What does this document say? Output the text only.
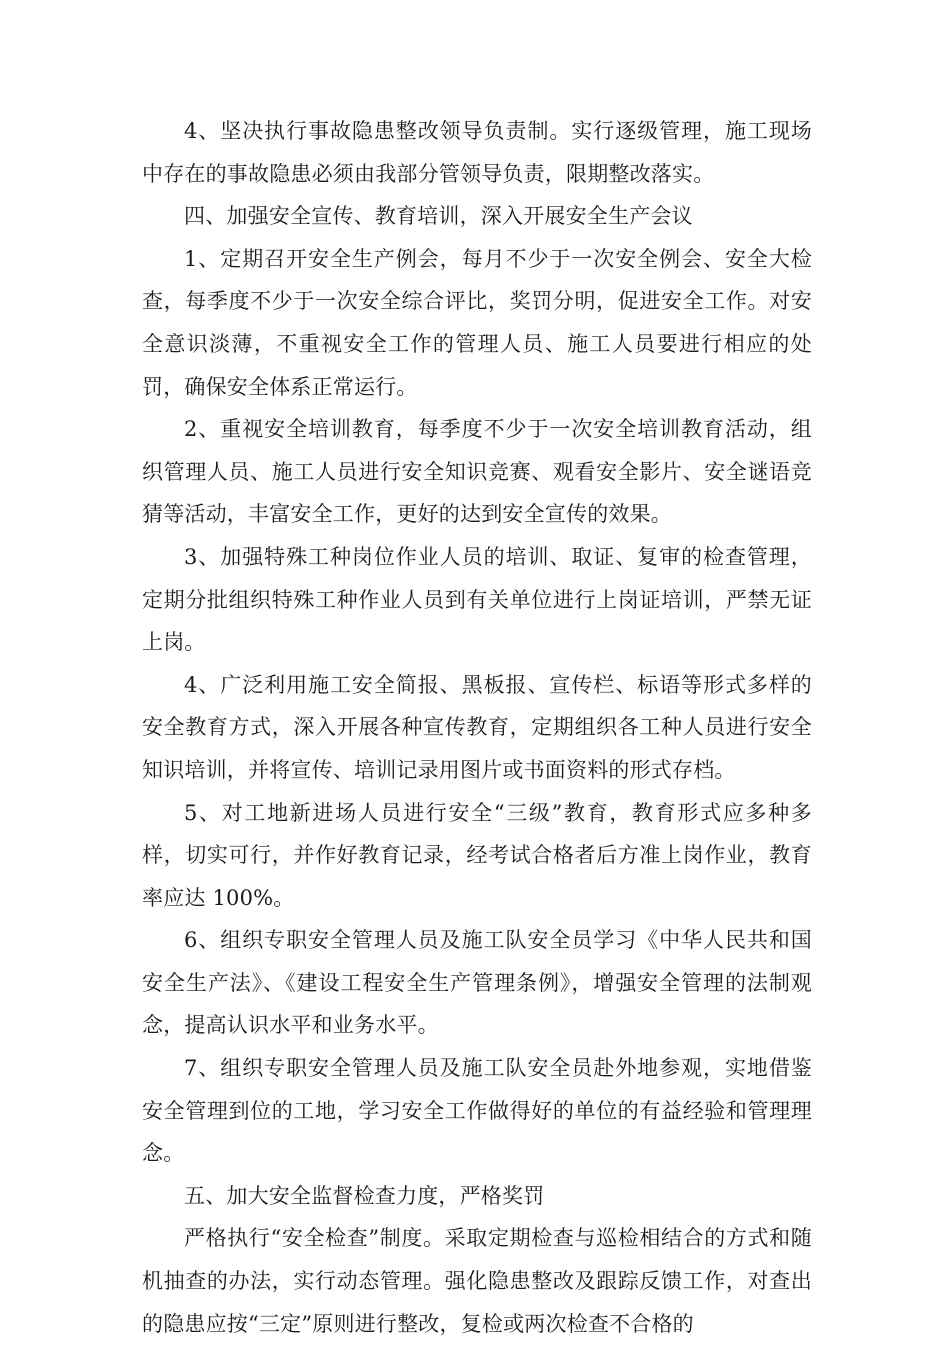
4、坚决执行事故隐患整改领导负责制。实行逐级管理，施工现场中存在的事故隐患必须由我部分管领导负责，限期整改落实。

四、加强安全宣传、教育培训，深入开展安全生产会议

1、定期召开安全生产例会，每月不少于一次安全例会、安全大检查，每季度不少于一次安全综合评比，奖罚分明，促进安全工作。对安全意识淡薄，不重视安全工作的管理人员、施工人员要进行相应的处罚，确保安全体系正常运行。

2、重视安全培训教育，每季度不少于一次安全培训教育活动，组织管理人员、施工人员进行安全知识竞赛、观看安全影片、安全谜语竞猜等活动，丰富安全工作，更好的达到安全宣传的效果。

3、加强特殊工种岗位作业人员的培训、取证、复审的检查管理，定期分批组织特殊工种作业人员到有关单位进行上岗证培训，严禁无证上岗。

4、广泛利用施工安全简报、黑板报、宣传栏、标语等形式多样的安全教育方式，深入开展各种宣传教育，定期组织各工种人员进行安全知识培训，并将宣传、培训记录用图片或书面资料的形式存档。

5、对工地新进场人员进行安全“三级”教育，教育形式应多种多样，切实可行，并作好教育记录，经考试合格者后方准上岗作业，教育率应达 100%。

6、组织专职安全管理人员及施工队安全员学习《中华人民共和国安全生产法》、《建设工程安全生产管理条例》，增强安全管理的法制观念，提高认识水平和业务水平。

7、组织专职安全管理人员及施工队安全员赴外地参观，实地借鉴安全管理到位的工地，学习安全工作做得好的单位的有益经验和管理理念。

五、加大安全监督检查力度，严格奖罚

严格执行“安全检查”制度。采取定期检查与巡检相结合的方式和随机抽查的办法，实行动态管理。强化隐患整改及跟踪反馈工作，对查出的隐患应按“三定”原则进行整改，复检或两次检查不合格的
